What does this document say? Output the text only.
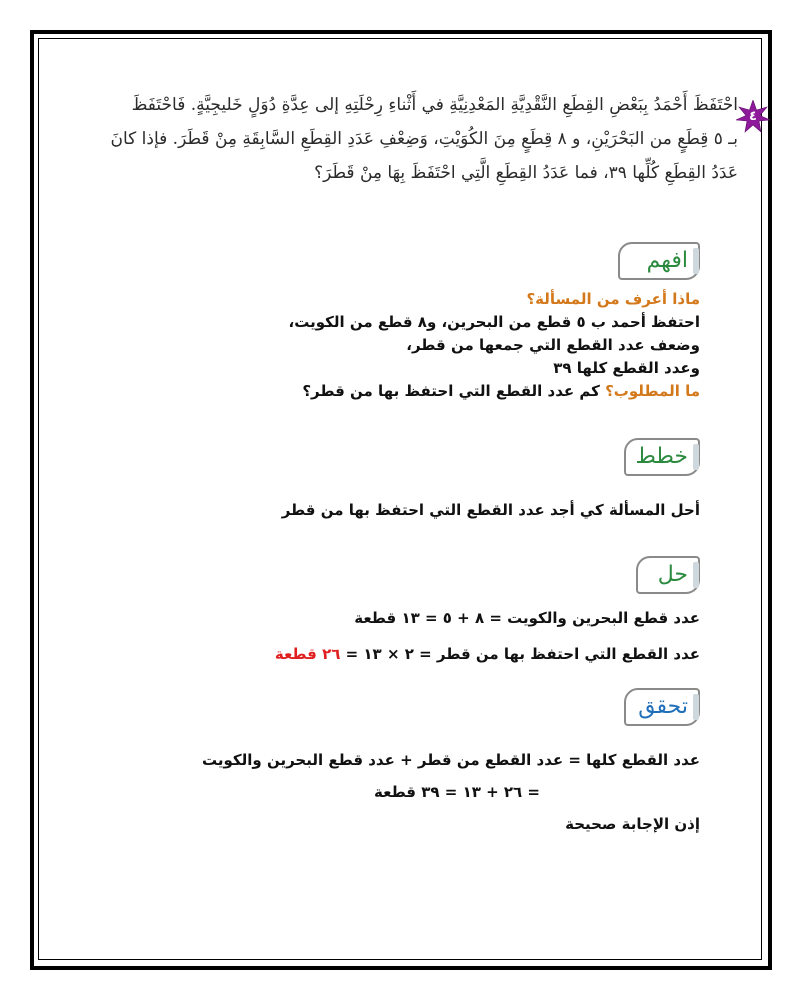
٤
احْتَفَظَ أَحْمَدُ بِبَعْضِ القِطَعِ النَّقْدِيَّةِ المَعْدِنِيَّةِ في أَثْناءِ رِحْلَتِهِ إلى عِدَّةِ دُوَلٍ خَليجِيَّةٍ. فَاحْتَفَظَ
بـ ٥ قِطَعٍ من البَحْرَيْنِ، و ٨ قِطَعٍ مِنَ الكُوَيْتِ، وَضِعْفِ عَدَدِ القِطَعِ السَّابِقَةِ مِنْ قَطَرَ. فإذا كانَ
عَدَدُ القِطَعِ كُلِّها ٣٩، فما عَدَدُ القِطَعِ الَّتِي احْتَفَظَ بِهَا مِنْ قَطَرَ؟
افهم
ماذا أعرف من المسألة؟
احتفظ أحمد ب ٥ قطع من البحرين، و٨ قطع من الكويت،
وضعف عدد القطع التي جمعها من قطر،
وعدد القطع كلها ٣٩
ما المطلوب؟ كم عدد القطع التي احتفظ بها من قطر؟
خطط
أحل المسألة كي أجد عدد القطع التي احتفظ بها من قطر
حل
عدد قطع البحرين والكويت = ٨ + ٥ = ١٣ قطعة
عدد القطع التي احتفظ بها من قطر = ٢ × ١٣ = ٢٦ قطعة
تحقق
عدد القطع كلها = عدد القطع من قطر + عدد قطع البحرين والكويت
= ٢٦ + ١٣ = ٣٩ قطعة
إذن الإجابة صحيحة
